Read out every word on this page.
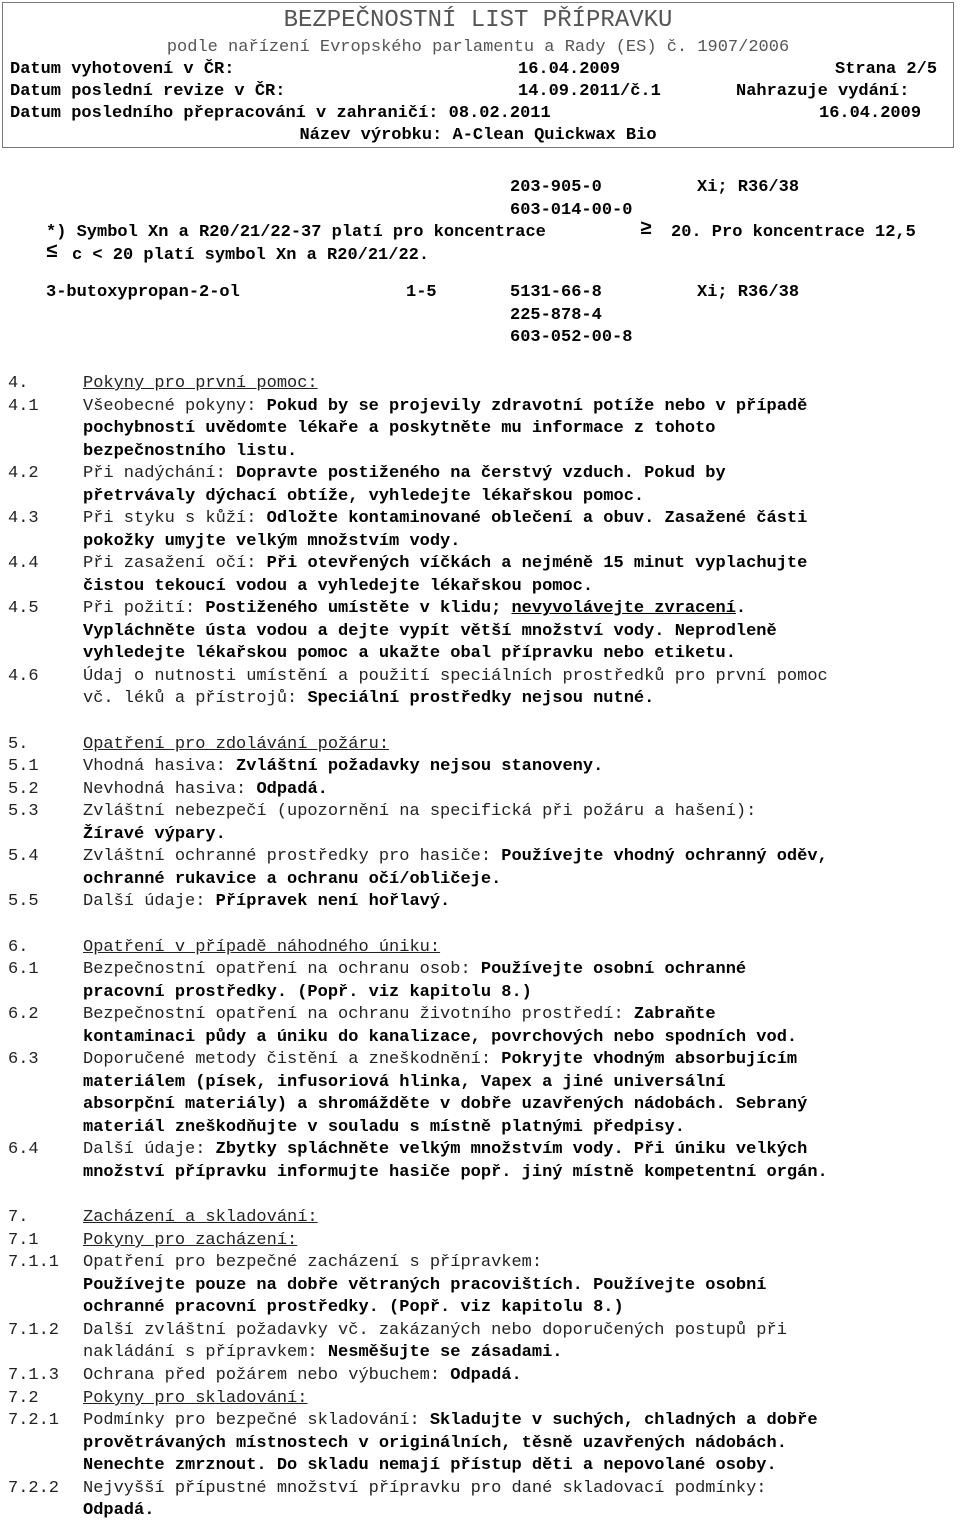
BEZPEČNOSTNÍ LIST PŘÍPRAVKU
podle nařízení Evropského parlamentu a Rady (ES) č. 1907/2006
Datum vyhotovení v ČR:	16.04.2009	Strana 2/5
Datum poslední revize v ČR:	14.09.2011/č.1	Nahrazuje vydání:
Datum posledního přepracování v zahraničí: 08.02.2011	16.04.2009
Název výrobku: A-Clean Quickwax Bio
203-905-0	Xi; R36/38
603-014-00-0
*) Symbol Xn a R20/21/22-37 platí pro koncentrace	≥ 20. Pro koncentrace 12,5
≤ c < 20 platí symbol Xn a R20/21/22.
3-butoxypropan-2-ol	1-5	5131-66-8	Xi; R36/38
225-878-4
603-052-00-8
4.	Pokyny pro první pomoc:
4.1	Všeobecné pokyny: Pokud by se projevily zdravotní potíže nebo v případě
pochybností uvědomte lékaře a poskytněte mu informace z tohoto
bezpečnostního listu.
4.2	Při nadýchání: Dopravte postiženého na čerstvý vzduch. Pokud by
přetrvávaly dýchací obtíže, vyhledejte lékařskou pomoc.
4.3	Při styku s kůží: Odložte kontaminované oblečení a obuv. Zasažené části
pokožky umyjte velkým množstvím vody.
4.4	Při zasažení očí: Při otevřených víčkách a nejméně 15 minut vyplachujte
čistou tekoucí vodou a vyhledejte lékařskou pomoc.
4.5	Při požití: Postiženého umístěte v klidu; nevyvolávejte zvracení.
Vypláchněte ústa vodou a dejte vypít větší množství vody. Neprodleně
vyhledejte lékařskou pomoc a ukažte obal přípravku nebo etiketu.
4.6	Údaj o nutnosti umístění a použití speciálních prostředků pro první pomoc
vč. léků a přístrojů: Speciální prostředky nejsou nutné.
5.	Opatření pro zdolávání požáru:
5.1	Vhodná hasiva: Zvláštní požadavky nejsou stanoveny.
5.2	Nevhodná hasiva: Odpadá.
5.3	Zvláštní nebezpečí (upozornění na specifická při požáru a hašení):
Žíravé výpary.
5.4	Zvláštní ochranné prostředky pro hasiče: Používejte vhodný ochranný oděv,
ochranné rukavice a ochranu očí/obličeje.
5.5	Další údaje: Přípravek není hořlavý.
6.	Opatření v případě náhodného úniku:
6.1	Bezpečnostní opatření na ochranu osob: Používejte osobní ochranné
pracovní prostředky. (Popř. viz kapitolu 8.)
6.2	Bezpečnostní opatření na ochranu životního prostředí: Zabraňte
kontaminaci půdy a úniku do kanalizace, povrchových nebo spodních vod.
6.3	Doporučené metody čistění a zneškodnění: Pokryjte vhodným absorbujícím
materiálem (písek, infusoriová hlinka, Vapex a jiné universální
absorpční materiály) a shromážděte v dobře uzavřených nádobách. Sebraný
materiál zneškodňujte v souladu s místně platnými předpisy.
6.4	Další údaje: Zbytky spláchněte velkým množstvím vody. Při úniku velkých
množství přípravku informujte hasiče popř. jiný místně kompetentní orgán.
7.	Zacházení a skladování:
7.1	Pokyny pro zacházení:
7.1.1 Opatření pro bezpečné zacházení s přípravkem:
Používejte pouze na dobře větraných pracovištích. Používejte osobní
ochranné pracovní prostředky. (Popř. viz kapitolu 8.)
7.1.2 Další zvláštní požadavky vč. zakázaných nebo doporučených postupů při
nakládání s přípravkem: Nesměšujte se zásadami.
7.1.3 Ochrana před požárem nebo výbuchem: Odpadá.
7.2	Pokyny pro skladování:
7.2.1 Podmínky pro bezpečné skladování: Skladujte v suchých, chladných a dobře
provětrávaných místnostech v originálních, těsně uzavřených nádobách.
Nenechte zmrznout. Do skladu nemají přístup děti a nepovolané osoby.
7.2.2 Nejvyšší přípustné množství přípravku pro dané skladovací podmínky:
Odpadá.
